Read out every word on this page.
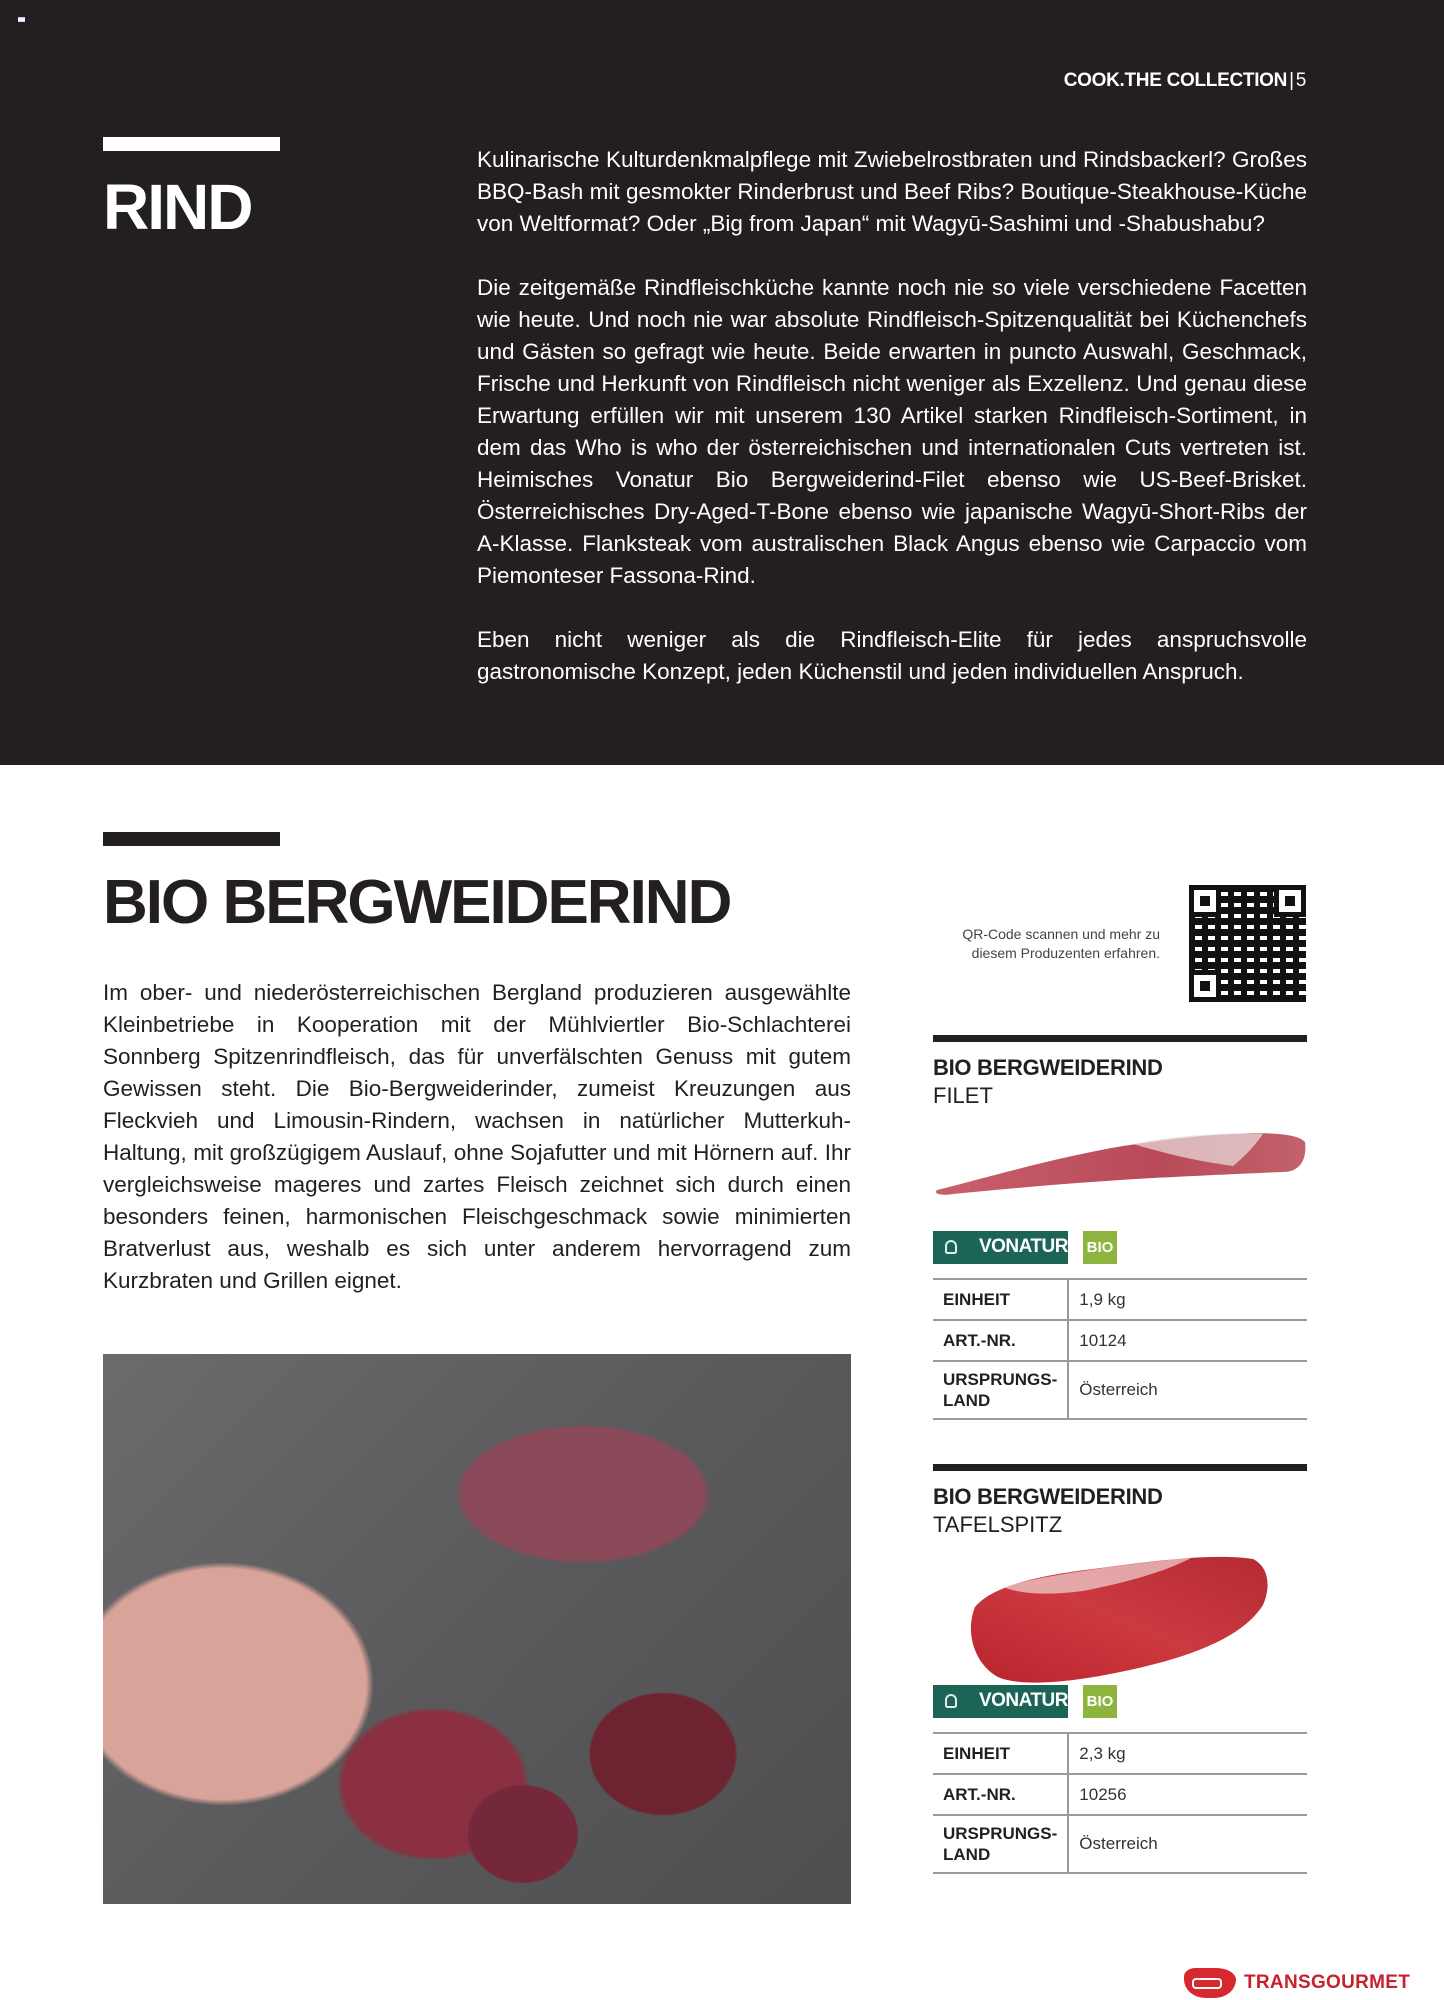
COOK.THE COLLECTION | 5
RIND

Kulinarische Kulturdenkmalpflege mit Zwiebelrostbraten und Rindsbackerl? Großes BBQ-Bash mit gesmokter Rinderbrust und Beef Ribs? Boutique-Steakhouse-Küche von Weltformat? Oder „Big from Japan“ mit Wagyū-Sashimi und -Shabushabu?

Die zeitgemäße Rindfleischküche kannte noch nie so viele verschiedene Facetten wie heute. Und noch nie war absolute Rindfleisch-Spitzenqualität bei Küchenchefs und Gästen so gefragt wie heute. Beide erwarten in puncto Auswahl, Geschmack, Frische und Herkunft von Rindfleisch nicht weniger als Exzellenz. Und genau diese Erwartung erfüllen wir mit unserem 130 Artikel starken Rindfleisch-Sortiment, in dem das Who is who der österreichischen und internationalen Cuts vertreten ist. Heimisches Vonatur Bio Bergweiderind-Filet ebenso wie US-Beef-Brisket. Österreichisches Dry-Aged-T-Bone ebenso wie japanische Wagyū-Short-Ribs der A-Klasse. Flanksteak vom australischen Black Angus ebenso wie Carpaccio vom Piemonteser Fassona-Rind.

Eben nicht weniger als die Rindfleisch-Elite für jedes anspruchsvolle gastronomische Konzept, jeden Küchenstil und jeden individuellen Anspruch.

BIO BERGWEIDERIND

Im ober- und niederösterreichischen Bergland produzieren ausgewählte Kleinbetriebe in Kooperation mit der Mühlviertler Bio-Schlachterei Sonnberg Spitzenrindfleisch, das für unverfälschten Genuss mit gutem Gewissen steht. Die Bio-Bergweiderinder, zumeist Kreuzungen aus Fleckvieh und Limousin-Rindern, wachsen in natürlicher Mutterkuh-Haltung, mit großzügigem Auslauf, ohne Sojafutter und mit Hörnern auf. Ihr vergleichsweise mageres und zartes Fleisch zeichnet sich durch einen besonders feinen, harmonischen Fleischgeschmack sowie minimierten Bratverlust aus, weshalb es sich unter anderem hervorragend zum Kurzbraten und Grillen eignet.

QR-Code scannen und mehr zu diesem Produzenten erfahren.

BIO BERGWEIDERIND
FILET
VONATUR BIO
EINHEIT	1,9 kg
ART.-NR.	10124
URSPRUNGS-LAND	Österreich
BIO BERGWEIDERIND
TAFELSPITZ
VONATUR BIO
EINHEIT	2,3 kg
ART.-NR.	10256
URSPRUNGS-LAND	Österreich
TRANSGOURMET
